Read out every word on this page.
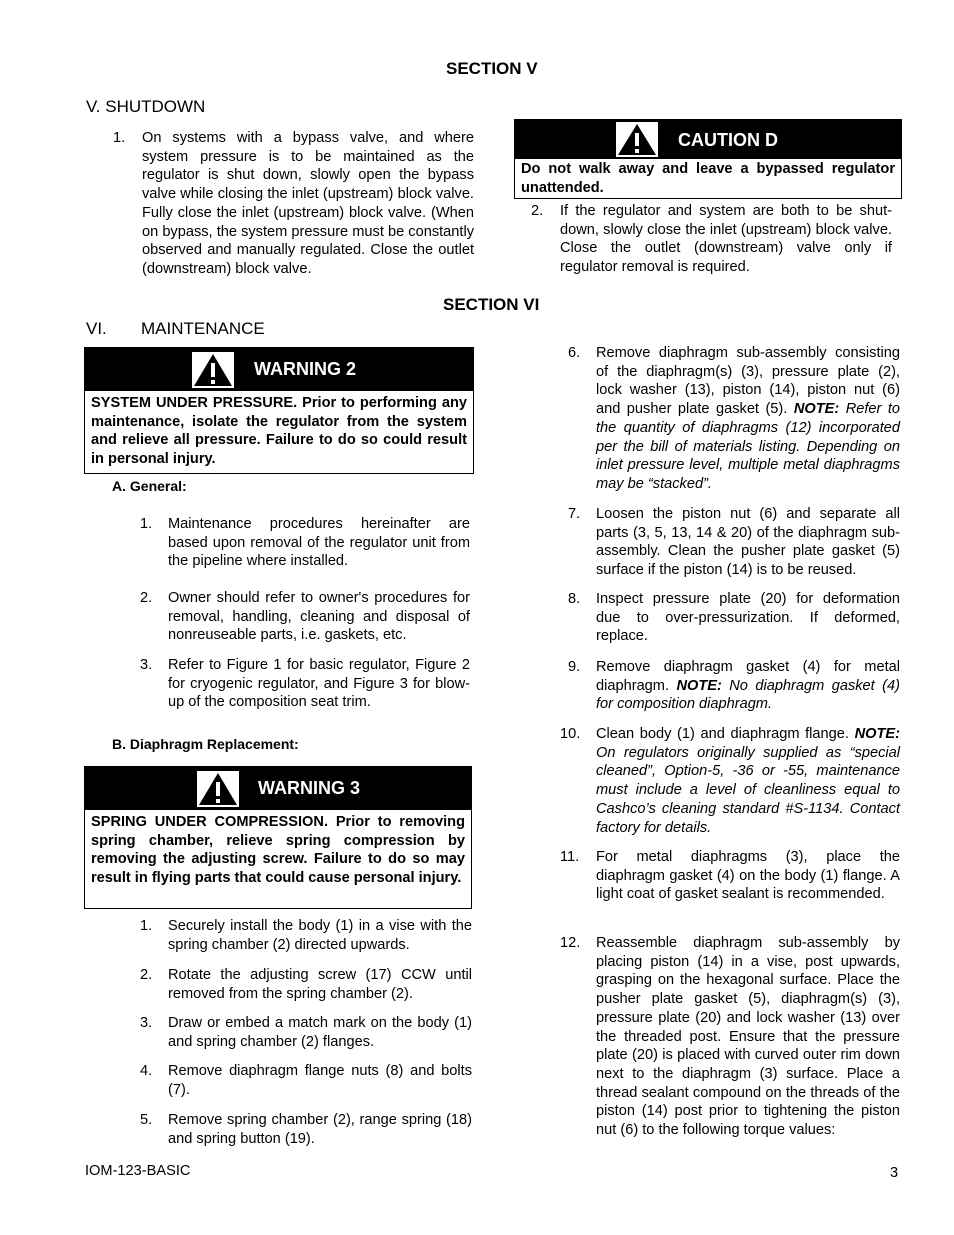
SECTION V
V. SHUTDOWN
1. On systems with a bypass valve, and where system pressure is to be maintained as the regulator is shut down, slowly open the bypass valve while closing the inlet (upstream) block valve. Fully close the inlet (upstream) block valve. (When on bypass, the system pressure must be constantly observed and manually regulated. Close the outlet (downstream) block valve.
CAUTION D
Do not walk away and leave a bypassed regulator unattended.
2. If the regulator and system are both to be shut-down, slowly close the inlet (upstream) block valve. Close the outlet (downstream) valve only if regulator removal is required.
SECTION VI
VI. MAINTENANCE
WARNING 2
SYSTEM UNDER PRESSURE. Prior to performing any maintenance, isolate the regulator from the system and relieve all pressure. Failure to do so could result in personal injury.
A. General:
1. Maintenance procedures hereinafter are based upon removal of the regulator unit from the pipeline where installed.
2. Owner should refer to owner's procedures for removal, handling, cleaning and disposal of nonreuseable parts, i.e. gaskets, etc.
3. Refer to Figure 1 for basic regulator, Figure 2 for cryogenic regulator, and Figure 3 for blow-up of the composition seat trim.
B. Diaphragm Replacement:
WARNING 3
SPRING UNDER COMPRESSION. Prior to removing spring chamber, relieve spring compression by removing the adjusting screw. Failure to do so may result in flying parts that could cause personal injury.
1. Securely install the body (1) in a vise with the spring chamber (2) directed upwards.
2. Rotate the adjusting screw (17) CCW until removed from the spring chamber (2).
3. Draw or embed a match mark on the body (1) and spring chamber (2) flanges.
4. Remove diaphragm flange nuts (8) and bolts (7).
5. Remove spring chamber (2), range spring (18) and spring button (19).
6. Remove diaphragm sub-assembly consisting of the diaphragm(s) (3), pressure plate (2), lock washer (13), piston (14), piston nut (6) and pusher plate gasket (5). NOTE: Refer to the quantity of diaphragms (12) incorporated per the bill of materials listing. Depending on inlet pressure level, multiple metal diaphragms may be “stacked”.
7. Loosen the piston nut (6) and separate all parts (3, 5, 13, 14 & 20) of the diaphragm sub-assembly. Clean the pusher plate gasket (5) surface if the piston (14) is to be reused.
8. Inspect pressure plate (20) for deformation due to over-pressurization. If deformed, replace.
9. Remove diaphragm gasket (4) for metal diaphragm. NOTE: No diaphragm gasket (4) for composition diaphragm.
10. Clean body (1) and diaphragm flange. NOTE: On regulators originally supplied as “special cleaned”, Option-5, -36 or -55, maintenance must include a level of cleanliness equal to Cashco’s cleaning standard #S-1134. Contact factory for details.
11. For metal diaphragms (3), place the diaphragm gasket (4) on the body (1) flange. A light coat of gasket sealant is recommended.
12. Reassemble diaphragm sub-assembly by placing piston (14) in a vise, post upwards, grasping on the hexagonal surface. Place the pusher plate gasket (5), diaphragm(s) (3), pressure plate (20) and lock washer (13) over the threaded post. Ensure that the pressure plate (20) is placed with curved outer rim down next to the diaphragm (3) surface. Place a thread sealant compound on the threads of the piston (14) post prior to tightening the piston nut (6) to the following torque values:
IOM-123-BASIC	3
